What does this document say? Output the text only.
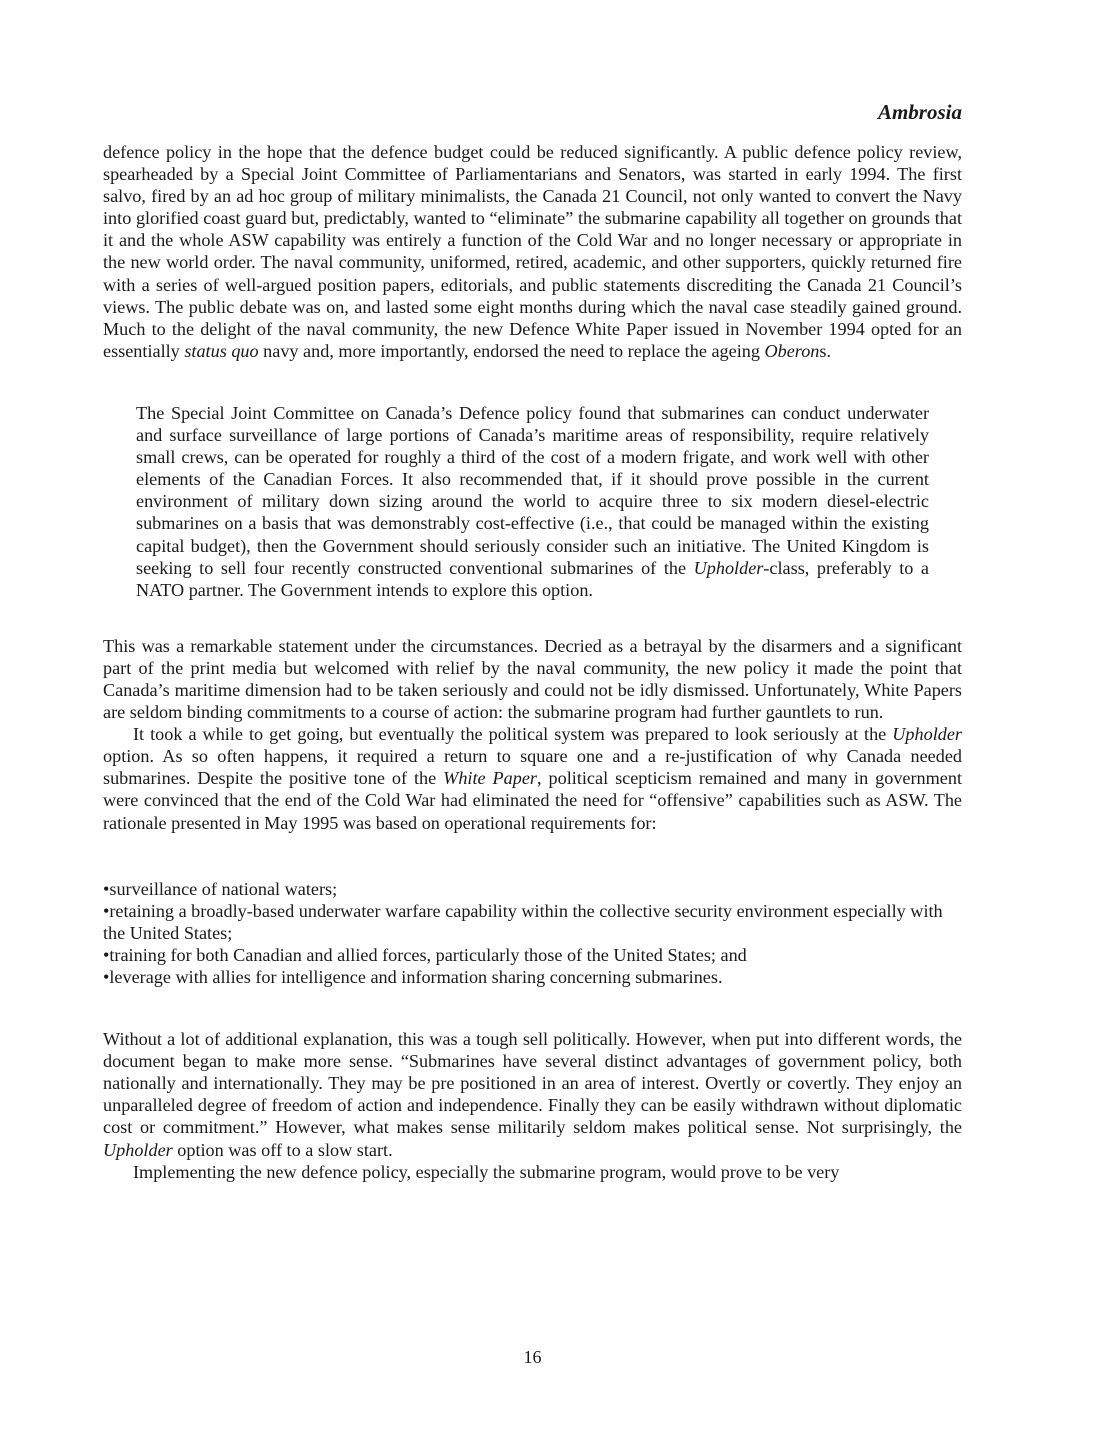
Ambrosia

defence policy in the hope that the defence budget could be reduced significantly. A public defence policy review, spearheaded by a Special Joint Committee of Parliamentarians and Senators, was started in early 1994. The first salvo, fired by an ad hoc group of military minimalists, the Canada 21 Council, not only wanted to convert the Navy into glorified coast guard but, predictably, wanted to “eliminate” the submarine capability all together on grounds that it and the whole ASW capability was entirely a function of the Cold War and no longer necessary or appropriate in the new world order. The naval community, uniformed, retired, academic, and other supporters, quickly returned fire with a series of well-argued position papers, editorials, and public statements discrediting the Canada 21 Council’s views. The public debate was on, and lasted some eight months during which the naval case steadily gained ground. Much to the delight of the naval community, the new Defence White Paper issued in November 1994 opted for an essentially status quo navy and, more importantly, endorsed the need to replace the ageing Oberons.

The Special Joint Committee on Canada’s Defence policy found that submarines can conduct underwater and surface surveillance of large portions of Canada’s maritime areas of responsibility, require relatively small crews, can be operated for roughly a third of the cost of a modern frigate, and work well with other elements of the Canadian Forces. It also recommended that, if it should prove possible in the current environment of military down sizing around the world to acquire three to six modern diesel-electric submarines on a basis that was demonstrably cost-effective (i.e., that could be managed within the existing capital budget), then the Government should seriously consider such an initiative. The United Kingdom is seeking to sell four recently constructed conventional submarines of the Upholder-class, preferably to a NATO partner. The Government intends to explore this option.

This was a remarkable statement under the circumstances. Decried as a betrayal by the disarmers and a significant part of the print media but welcomed with relief by the naval community, the new policy it made the point that Canada’s maritime dimension had to be taken seriously and could not be idly dismissed. Unfortunately, White Papers are seldom binding commitments to a course of action: the submarine program had further gauntlets to run.

It took a while to get going, but eventually the political system was prepared to look seriously at the Upholder option. As so often happens, it required a return to square one and a re-justification of why Canada needed submarines. Despite the positive tone of the White Paper, political scepticism remained and many in government were convinced that the end of the Cold War had eliminated the need for “offensive” capabilities such as ASW. The rationale presented in May 1995 was based on operational requirements for:

• surveillance of national waters;
• retaining a broadly-based underwater warfare capability within the collective security environment especially with the United States;
• training for both Canadian and allied forces, particularly those of the United States; and
• leverage with allies for intelligence and information sharing concerning submarines.

Without a lot of additional explanation, this was a tough sell politically. However, when put into different words, the document began to make more sense. “Submarines have several distinct advantages of government policy, both nationally and internationally. They may be pre positioned in an area of interest. Overtly or covertly. They enjoy an unparalleled degree of freedom of action and independence. Finally they can be easily withdrawn without diplomatic cost or commitment.” However, what makes sense militarily seldom makes political sense. Not surprisingly, the Upholder option was off to a slow start.

Implementing the new defence policy, especially the submarine program, would prove to be very

16
